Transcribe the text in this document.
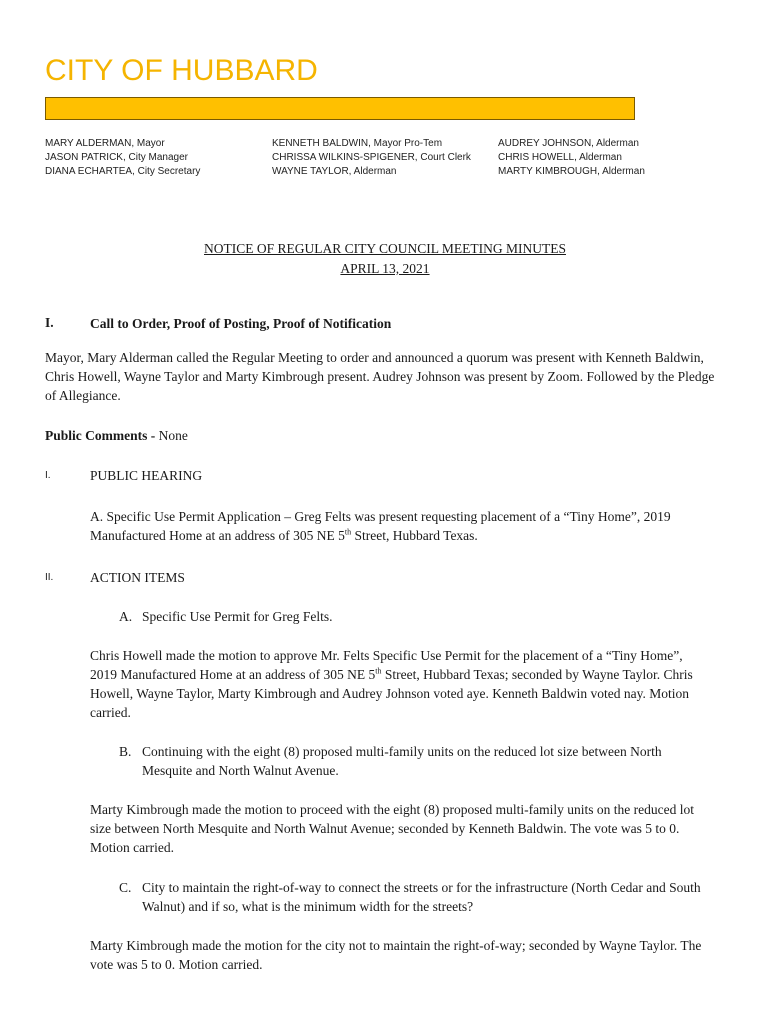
CITY OF HUBBARD
MARY ALDERMAN, Mayor
JASON PATRICK, City Manager
DIANA ECHARTEA, City Secretary
KENNETH BALDWIN, Mayor Pro-Tem
CHRISSA WILKINS-SPIGENER, Court Clerk
WAYNE TAYLOR, Alderman
AUDREY JOHNSON, Alderman
CHRIS HOWELL, Alderman
MARTY KIMBROUGH, Alderman
NOTICE OF REGULAR CITY COUNCIL MEETING MINUTES
APRIL 13, 2021
I.	Call to Order, Proof of Posting, Proof of Notification
Mayor, Mary Alderman called the Regular Meeting to order and announced a quorum was present with Kenneth Baldwin, Chris Howell, Wayne Taylor and Marty Kimbrough present. Audrey Johnson was present by Zoom. Followed by the Pledge of Allegiance.
Public Comments - None
I.	PUBLIC HEARING
A. Specific Use Permit Application – Greg Felts was present requesting placement of a “Tiny Home”, 2019 Manufactured Home at an address of 305 NE 5th Street, Hubbard Texas.
II.	ACTION ITEMS
A. Specific Use Permit for Greg Felts.
Chris Howell made the motion to approve Mr. Felts Specific Use Permit for the placement of a “Tiny Home”, 2019 Manufactured Home at an address of 305 NE 5th Street, Hubbard Texas; seconded by Wayne Taylor. Chris Howell, Wayne Taylor, Marty Kimbrough and Audrey Johnson voted aye. Kenneth Baldwin voted nay. Motion carried.
B. Continuing with the eight (8) proposed multi-family units on the reduced lot size between North Mesquite and North Walnut Avenue.
Marty Kimbrough made the motion to proceed with the eight (8) proposed multi-family units on the reduced lot size between North Mesquite and North Walnut Avenue; seconded by Kenneth Baldwin. The vote was 5 to 0. Motion carried.
C. City to maintain the right-of-way to connect the streets or for the infrastructure (North Cedar and South Walnut) and if so, what is the minimum width for the streets?
Marty Kimbrough made the motion for the city not to maintain the right-of-way; seconded by Wayne Taylor. The vote was 5 to 0. Motion carried.
